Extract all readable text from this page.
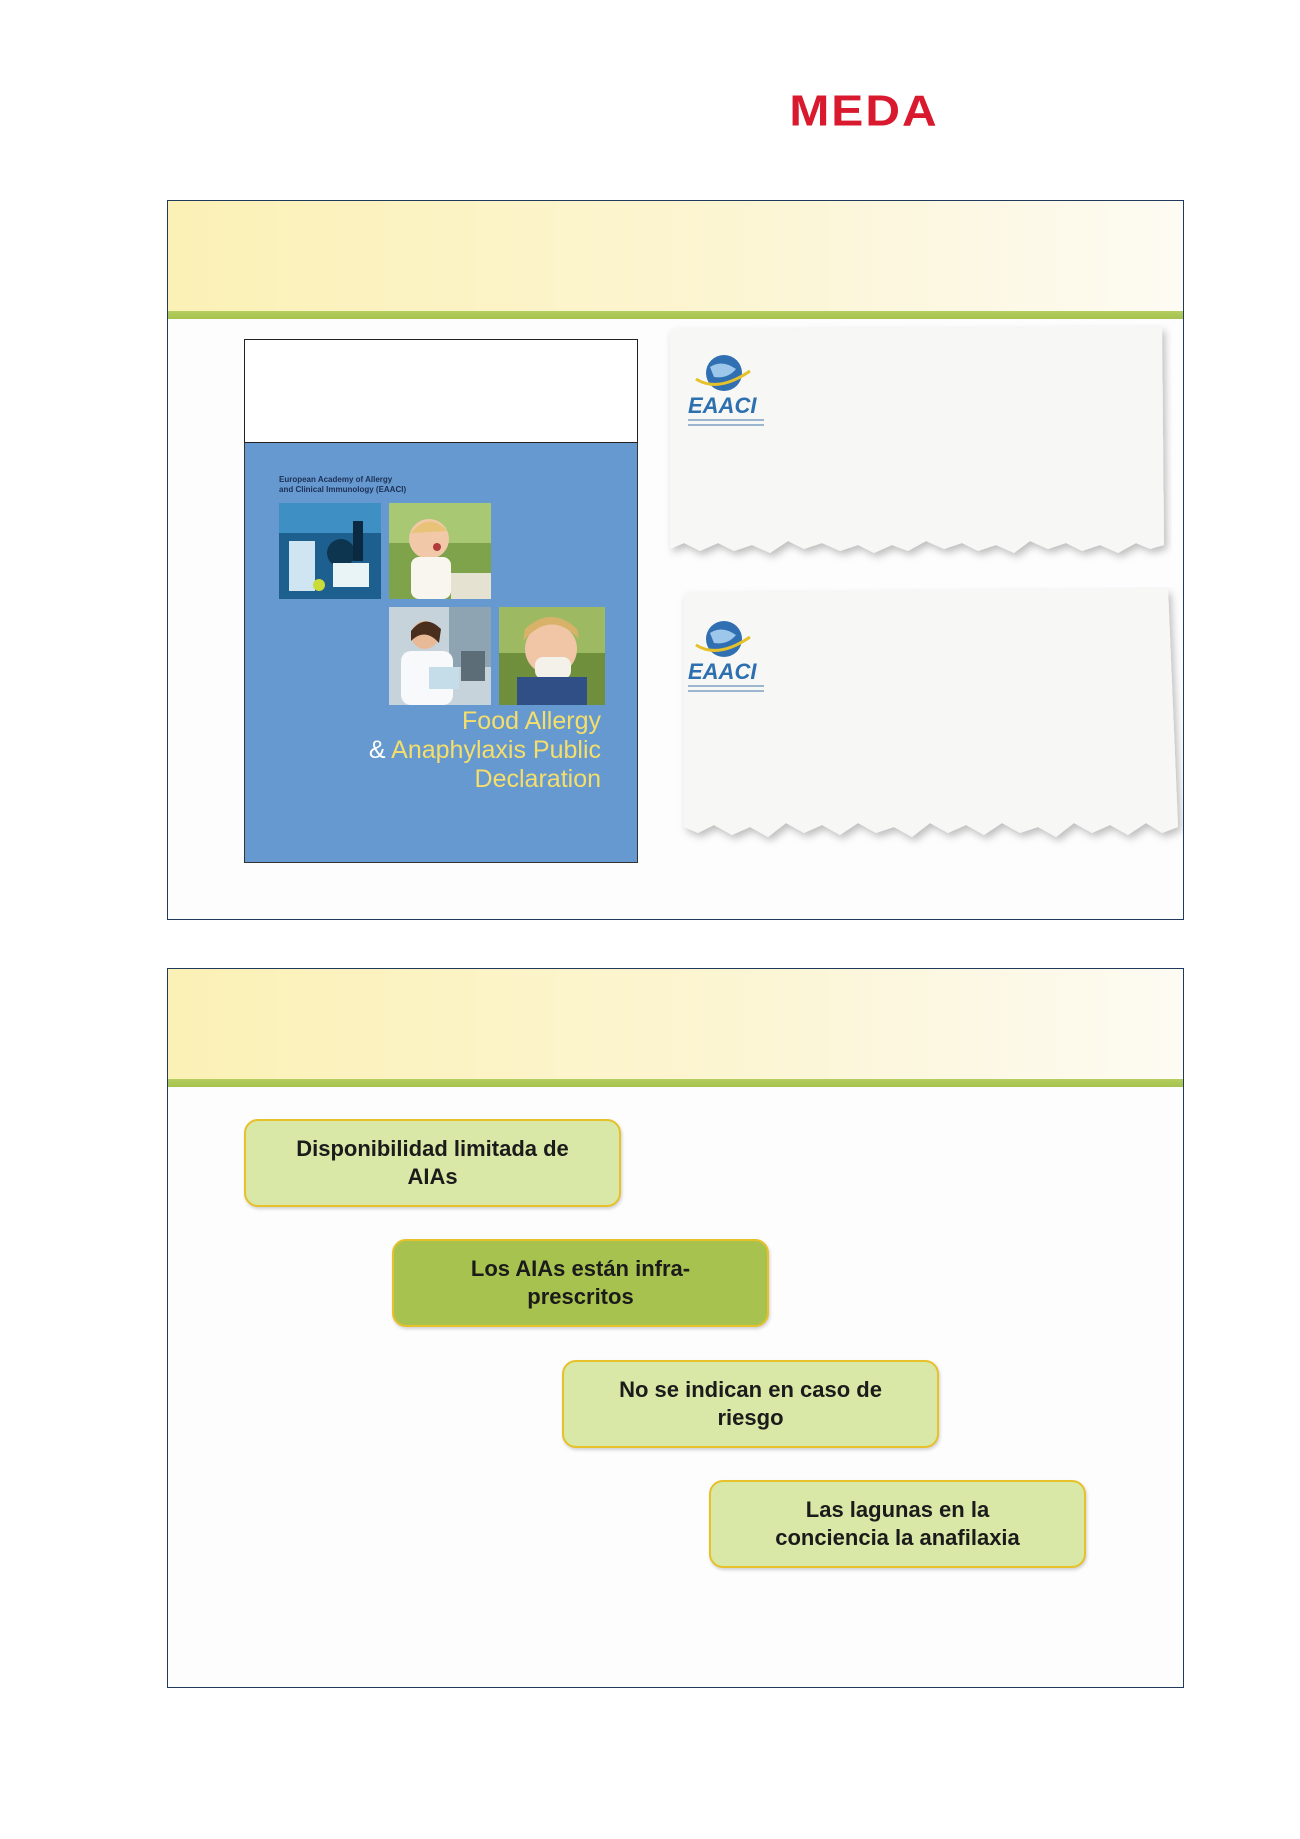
MEDA
European Academy of Allergy
and Clinical Immunology (EAACI)
Food Allergy
& Anaphylaxis Public
Declaration
EAACI
EAACI
Disponibilidad limitada de
AIAs
Los AIAs están infra-
prescritos
No se indican en caso de
riesgo
Las lagunas en la
conciencia la anafilaxia
